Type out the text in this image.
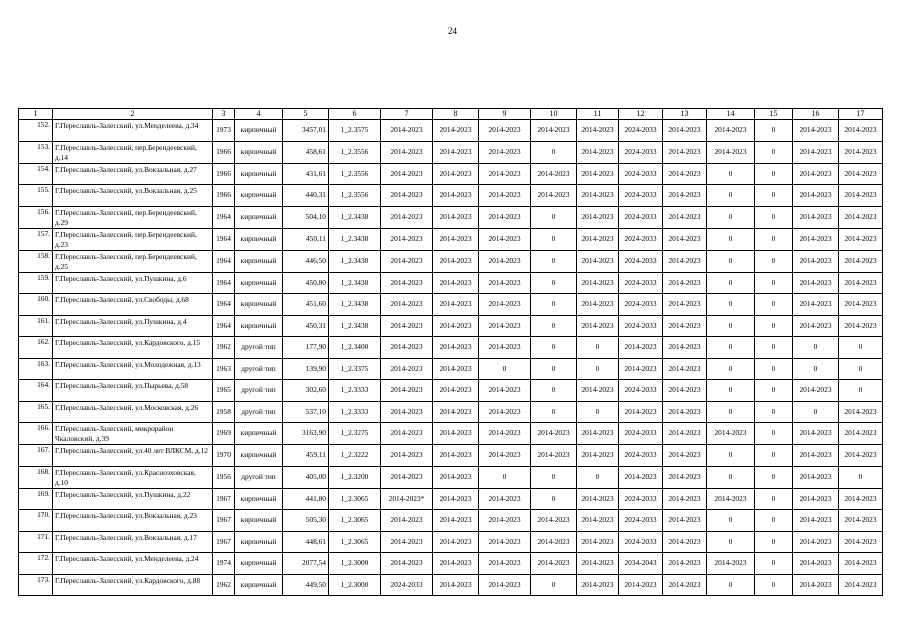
24
1	2	3	4	5	6	7	8	9	10	11	12	13	14	15	16	17
152.	Г.Переславль-Залесский, ул.Менделеева, д.34	1973	кирпичный	3457,01	1_2.3575	2014-2023	2014-2023	2014-2023	2014-2023	2014-2023	2024-2033	2014-2023	2014-2023	0	2014-2023	2014-2023
153.	Г.Переславль-Залесский, пер.Берендеевский, д.14	1966	кирпичный	458,61	1_2.3556	2014-2023	2014-2023	2014-2023	0	2014-2023	2024-2033	2014-2023	2014-2023	0	2014-2023	2014-2023
154.	Г.Переславль-Залесский, ул.Вокзальная, д.27	1966	кирпичный	431,61	1_2.3556	2014-2023	2014-2023	2014-2023	2014-2023	2014-2023	2024-2033	2014-2023	0	0	2014-2023	2014-2023
155.	Г.Переславль-Залесский, ул.Вокзальная, д.25	1966	кирпичный	440,31	1_2.3556	2014-2023	2014-2023	2014-2023	2014-2023	2014-2023	2024-2033	2014-2023	0	0	2014-2023	2014-2023
156.	Г.Переславль-Залесский, пер.Берендеевский, д.29	1964	кирпичный	504,10	1_2.3438	2014-2023	2014-2023	2014-2023	0	2014-2023	2024-2033	2014-2023	0	0	2014-2023	2014-2023
157.	Г.Переславль-Залесский, пер.Берендеевский, д.23	1964	кирпичный	450,11	1_2.3438	2014-2023	2014-2023	2014-2023	0	2014-2023	2024-2033	2014-2023	0	0	2014-2023	2014-2023
158.	Г.Переславль-Залесский, пер.Берендеевский, д.25	1964	кирпичный	446,50	1_2.3438	2014-2023	2014-2023	2014-2023	0	2014-2023	2024-2033	2014-2023	0	0	2014-2023	2014-2023
159.	Г.Переславль-Залесский, ул.Пушкина, д.6	1964	кирпичный	450,80	1_2.3438	2014-2023	2014-2023	2014-2023	0	2014-2023	2024-2033	2014-2023	0	0	2014-2023	2014-2023
160.	Г.Переславль-Залесский, ул.Свободы, д.68	1964	кирпичный	451,60	1_2.3438	2014-2023	2014-2023	2014-2023	0	2014-2023	2024-2033	2014-2023	0	0	2014-2023	2014-2023
161.	Г.Переславль-Залесский, ул.Пушкина, д.4	1964	кирпичный	450,31	1_2.3438	2014-2023	2014-2023	2014-2023	0	2014-2023	2024-2033	2014-2023	0	0	2014-2023	2014-2023
162.	Г.Переславль-Залесский, ул.Кардовского, д.15	1962	другой тип	177,90	1_2.3400	2014-2023	2014-2023	2014-2023	0	0	2014-2023	2014-2023	0	0	0	0
163.	Г.Переславль-Залесский, ул.Молодежная, д.13	1963	другой тип	139,90	1_2.3375	2014-2023	2014-2023	0	0	0	2014-2023	2014-2023	0	0	0	0
164.	Г.Переславль-Залесский, ул.Пырьева, д.58	1965	другой тип	302,60	1_2.3333	2014-2023	2014-2023	2014-2023	0	2014-2023	2024-2033	2014-2023	0	0	2014-2023	0
165.	Г.Переславль-Залесский, ул.Московская, д.26	1958	другой тип	537,10	1_2.3333	2014-2023	2014-2023	2014-2023	0	0	2014-2023	2014-2023	0	0	0	2014-2023
166.	Г.Переславль-Залесский, микрорайон Чкаловский, д.39	1969	кирпичный	3163,90	1_2.3275	2014-2023	2014-2023	2014-2023	2014-2023	2014-2023	2024-2033	2014-2023	2014-2023	0	2014-2023	2014-2023
167.	Г.Переславль-Залесский, ул.40 лет ВЛКСМ, д.12	1970	кирпичный	459,11	1_2.3222	2014-2023	2014-2023	2014-2023	2014-2023	2014-2023	2024-2033	2014-2023	0	0	2014-2023	2014-2023
168.	Г.Переславль-Залесский, ул.Красноэховская, д.10	1956	другой тип	405,00	1_2.3200	2014-2023	2014-2023	0	0	0	2014-2023	2014-2023	0	0	2014-2023	0
169.	Г.Переславль-Залесский, ул.Пушкина, д.22	1967	кирпичный	441,80	1_2.3065	2014-2023*	2014-2023	2014-2023	0	2014-2023	2024-2033	2014-2023	2014-2023	0	2014-2023	2014-2023
170.	Г.Переславль-Залесский, ул.Вокзальная, д.23	1967	кирпичный	505,30	1_2.3065	2014-2023	2014-2023	2014-2023	2014-2023	2014-2023	2024-2033	2014-2023	0	0	2014-2023	2014-2023
171.	Г.Переславль-Залесский, ул.Вокзальная, д.17	1967	кирпичный	448,61	1_2.3065	2014-2023	2014-2023	2014-2023	2014-2023	2014-2023	2024-2033	2014-2023	0	0	2014-2023	2014-2023
172.	Г.Переславль-Залесский, ул.Менделеева, д.24	1974	кирпичный	2077,54	1_2.3000	2014-2023	2014-2023	2014-2023	2014-2023	2014-2023	2034-2043	2014-2023	2014-2023	0	2014-2023	2014-2023
173.	Г.Переславль-Залесский, ул.Кардовского, д.88	1962	кирпичный	449,50	1_2.3000	2024-2033	2014-2023	2014-2023	0	2014-2023	2014-2023	2014-2023	0	0	2014-2023	2014-2023
